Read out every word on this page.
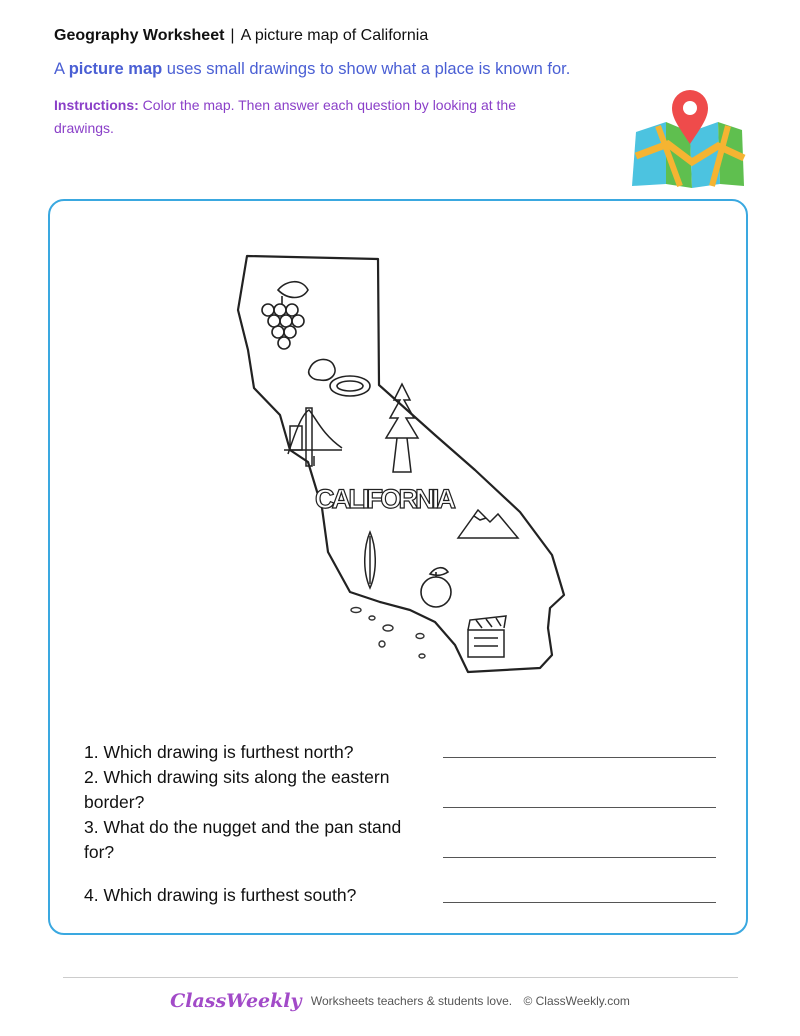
Geography Worksheet | A picture map of California
A picture map uses small drawings to show what a place is known for.
Instructions: Color the map. Then answer each question by looking at the drawings.
CALIFORNIA
1. Which drawing is furthest north?
2. Which drawing sits along the eastern border?
3. What do the nugget and the pan stand for?
4. Which drawing is furthest south?
ClassWeekly Worksheets teachers & students love. © ClassWeekly.com
